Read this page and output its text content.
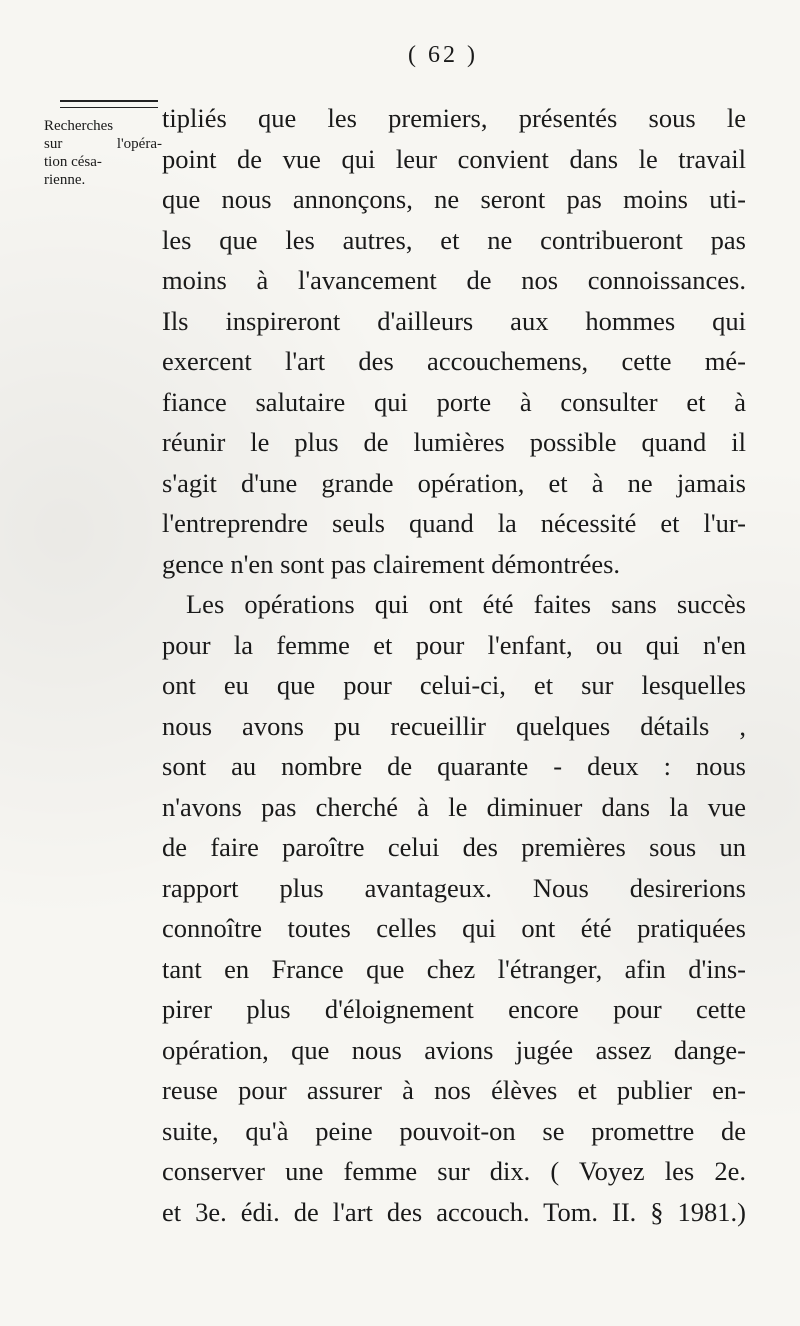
( 62 )
Recherches
sur l'opéra-
tion césa-
rienne.
tipliés que les premiers, présentés sous le
point de vue qui leur convient dans le travail
que nous annonçons, ne seront pas moins uti-
les que les autres, et ne contribueront pas
moins à l'avancement de nos connoissances.
Ils inspireront d'ailleurs aux hommes qui
exercent l'art des accouchemens, cette mé-
fiance salutaire qui porte à consulter et à
réunir le plus de lumières possible quand il
s'agit d'une grande opération, et à ne jamais
l'entreprendre seuls quand la nécessité et l'ur-
gence n'en sont pas clairement démontrées.
Les opérations qui ont été faites sans succès
pour la femme et pour l'enfant, ou qui n'en
ont eu que pour celui-ci, et sur lesquelles
nous avons pu recueillir quelques détails ,
sont au nombre de quarante - deux : nous
n'avons pas cherché à le diminuer dans la vue
de faire paroître celui des premières sous un
rapport plus avantageux. Nous desirerions
connoître toutes celles qui ont été pratiquées
tant en France que chez l'étranger, afin d'ins-
pirer plus d'éloignement encore pour cette
opération, que nous avions jugée assez dange-
reuse pour assurer à nos élèves et publier en-
suite, qu'à peine pouvoit-on se promettre de
conserver une femme sur dix. ( Voyez les 2e.
et 3e. édi. de l'art des accouch. Tom. II. § 1981.)
